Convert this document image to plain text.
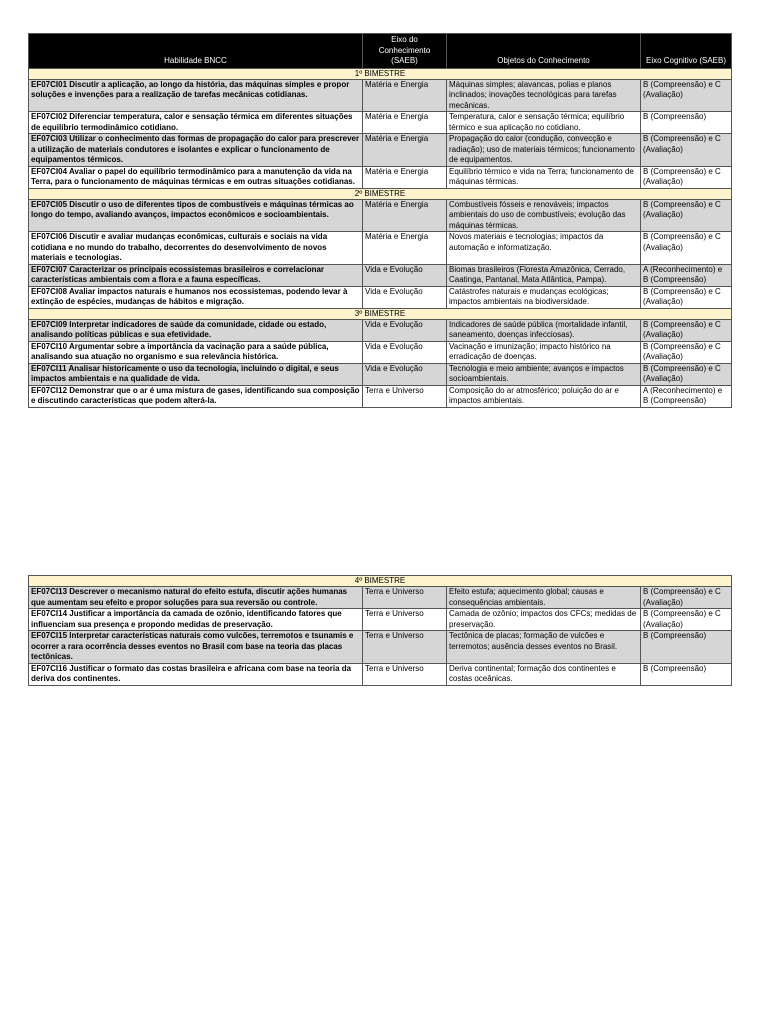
Habilidade BNCC	Eixo do Conhecimento (SAEB)	Objetos do Conhecimento	Eixo Cognitivo (SAEB)
1º BIMESTRE			
EF07CI01 Discutir a aplicação, ao longo da história, das máquinas simples e propor soluções e invenções para a realização de tarefas mecânicas cotidianas.	Matéria e Energia	Máquinas simples; alavancas, polias e planos inclinados; inovações tecnológicas para tarefas mecânicas.	B (Compreensão) e C (Avaliação)
EF07CI02 Diferenciar temperatura, calor e sensação térmica em diferentes situações de equilíbrio termodinâmico cotidiano.	Matéria e Energia	Temperatura, calor e sensação térmica; equilíbrio térmico e sua aplicação no cotidiano.	B (Compreensão)
EF07CI03 Utilizar o conhecimento das formas de propagação do calor para prescrever a utilização de materiais condutores e isolantes e explicar o funcionamento de equipamentos térmicos.	Matéria e Energia	Propagação do calor (condução, convecção e radiação); uso de materiais térmicos; funcionamento de equipamentos.	B (Compreensão) e C (Avaliação)
EF07CI04 Avaliar o papel do equilíbrio termodinâmico para a manutenção da vida na Terra, para o funcionamento de máquinas térmicas e em outras situações cotidianas.	Matéria e Energia	Equilíbrio térmico e vida na Terra; funcionamento de máquinas térmicas.	B (Compreensão) e C (Avaliação)
2º BIMESTRE			
EF07CI05 Discutir o uso de diferentes tipos de combustíveis e máquinas térmicas ao longo do tempo, avaliando avanços, impactos econômicos e socioambientais.	Matéria e Energia	Combustíveis fósseis e renováveis; impactos ambientais do uso de combustíveis; evolução das máquinas térmicas.	B (Compreensão) e C (Avaliação)
EF07CI06 Discutir e avaliar mudanças econômicas, culturais e sociais na vida cotidiana e no mundo do trabalho, decorrentes do desenvolvimento de novos materiais e tecnologias.	Matéria e Energia	Novos materiais e tecnologias; impactos da automação e informatização.	B (Compreensão) e C (Avaliação)
EF07CI07 Caracterizar os principais ecossistemas brasileiros e correlacionar características ambientais com a flora e a fauna específicas.	Vida e Evolução	Biomas brasileiros (Floresta Amazônica, Cerrado, Caatinga, Pantanal, Mata Atlântica, Pampa).	A (Reconhecimento) e B (Compreensão)
EF07CI08 Avaliar impactos naturais e humanos nos ecossistemas, podendo levar à extinção de espécies, mudanças de hábitos e migração.	Vida e Evolução	Catástrofes naturais e mudanças ecológicas; impactos ambientais na biodiversidade.	B (Compreensão) e C (Avaliação)
3º BIMESTRE			
EF07CI09 Interpretar indicadores de saúde da comunidade, cidade ou estado, analisando políticas públicas e sua efetividade.	Vida e Evolução	Indicadores de saúde pública (mortalidade infantil, saneamento, doenças infecciosas).	B (Compreensão) e C (Avaliação)
EF07CI10 Argumentar sobre a importância da vacinação para a saúde pública, analisando sua atuação no organismo e sua relevância histórica.	Vida e Evolução	Vacinação e imunização; impacto histórico na erradicação de doenças.	B (Compreensão) e C (Avaliação)
EF07CI11 Analisar historicamente o uso da tecnologia, incluindo o digital, e seus impactos ambientais e na qualidade de vida.	Vida e Evolução	Tecnologia e meio ambiente; avanços e impactos socioambientais.	B (Compreensão) e C (Avaliação)
EF07CI12 Demonstrar que o ar é uma mistura de gases, identificando sua composição e discutindo características que podem alterá-la.	Terra e Universo	Composição do ar atmosférico; poluição do ar e impactos ambientais.	A (Reconhecimento) e B (Compreensão)
4º BIMESTRE			
EF07CI13 Descrever o mecanismo natural do efeito estufa, discutir ações humanas que aumentam seu efeito e propor soluções para sua reversão ou controle.	Terra e Universo	Efeito estufa; aquecimento global; causas e consequências ambientais.	B (Compreensão) e C (Avaliação)
EF07CI14 Justificar a importância da camada de ozônio, identificando fatores que influenciam sua presença e propondo medidas de preservação.	Terra e Universo	Camada de ozônio; impactos dos CFCs; medidas de preservação.	B (Compreensão) e C (Avaliação)
EF07CI15 Interpretar características naturais como vulcões, terremotos e tsunamis e ocorrer a rara ocorrência desses eventos no Brasil com base na teoria das placas tectônicas.	Terra e Universo	Tectônica de placas; formação de vulcões e terremotos; ausência desses eventos no Brasil.	B (Compreensão)
EF07CI16 Justificar o formato das costas brasileira e africana com base na teoria da deriva dos continentes.	Terra e Universo	Deriva continental; formação dos continentes e costas oceânicas.	B (Compreensão)
